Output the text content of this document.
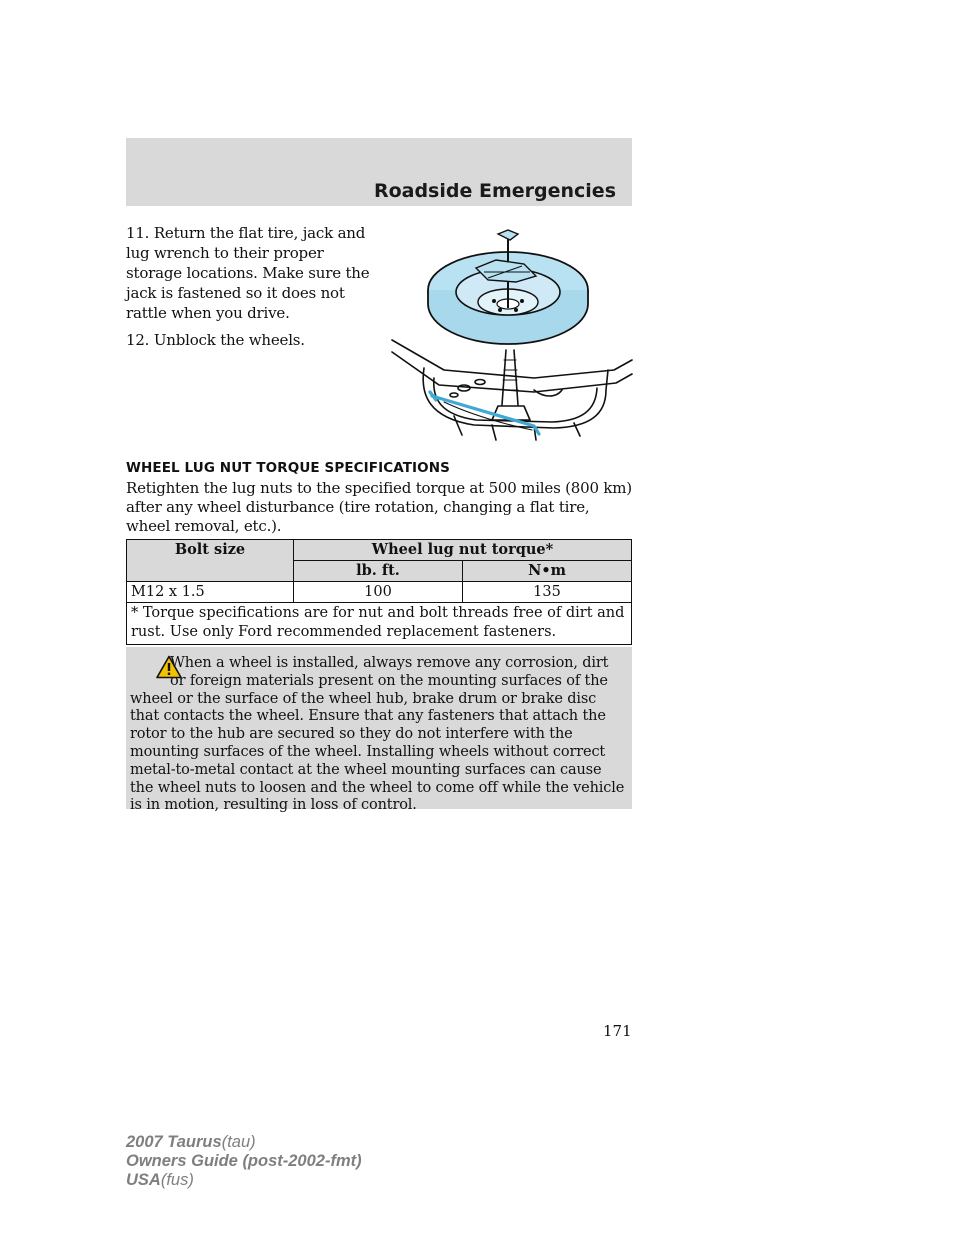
Roadside Emergencies

11. Return the flat tire, jack and lug wrench to their proper storage locations. Make sure the jack is fastened so it does not rattle when you drive.

12. Unblock the wheels.

WHEEL LUG NUT TORQUE SPECIFICATIONS

Retighten the lug nuts to the specified torque at 500 miles (800 km) after any wheel disturbance (tire rotation, changing a flat tire, wheel removal, etc.).

Bolt size	Wheel lug nut torque*	
	lb. ft.	N•m
M12 x 1.5	100	135
* Torque specifications are for nut and bolt threads free of dirt and rust. Use only Ford recommended replacement fasteners.		

When a wheel is installed, always remove any corrosion, dirt or foreign materials present on the mounting surfaces of the wheel or the surface of the wheel hub, brake drum or brake disc that contacts the wheel. Ensure that any fasteners that attach the rotor to the hub are secured so they do not interfere with the mounting surfaces of the wheel. Installing wheels without correct metal-to-metal contact at the wheel mounting surfaces can cause the wheel nuts to loosen and the wheel to come off while the vehicle is in motion, resulting in loss of control.

171
2007 Taurus(tau)
Owners Guide (post-2002-fmt)
USA(fus)
